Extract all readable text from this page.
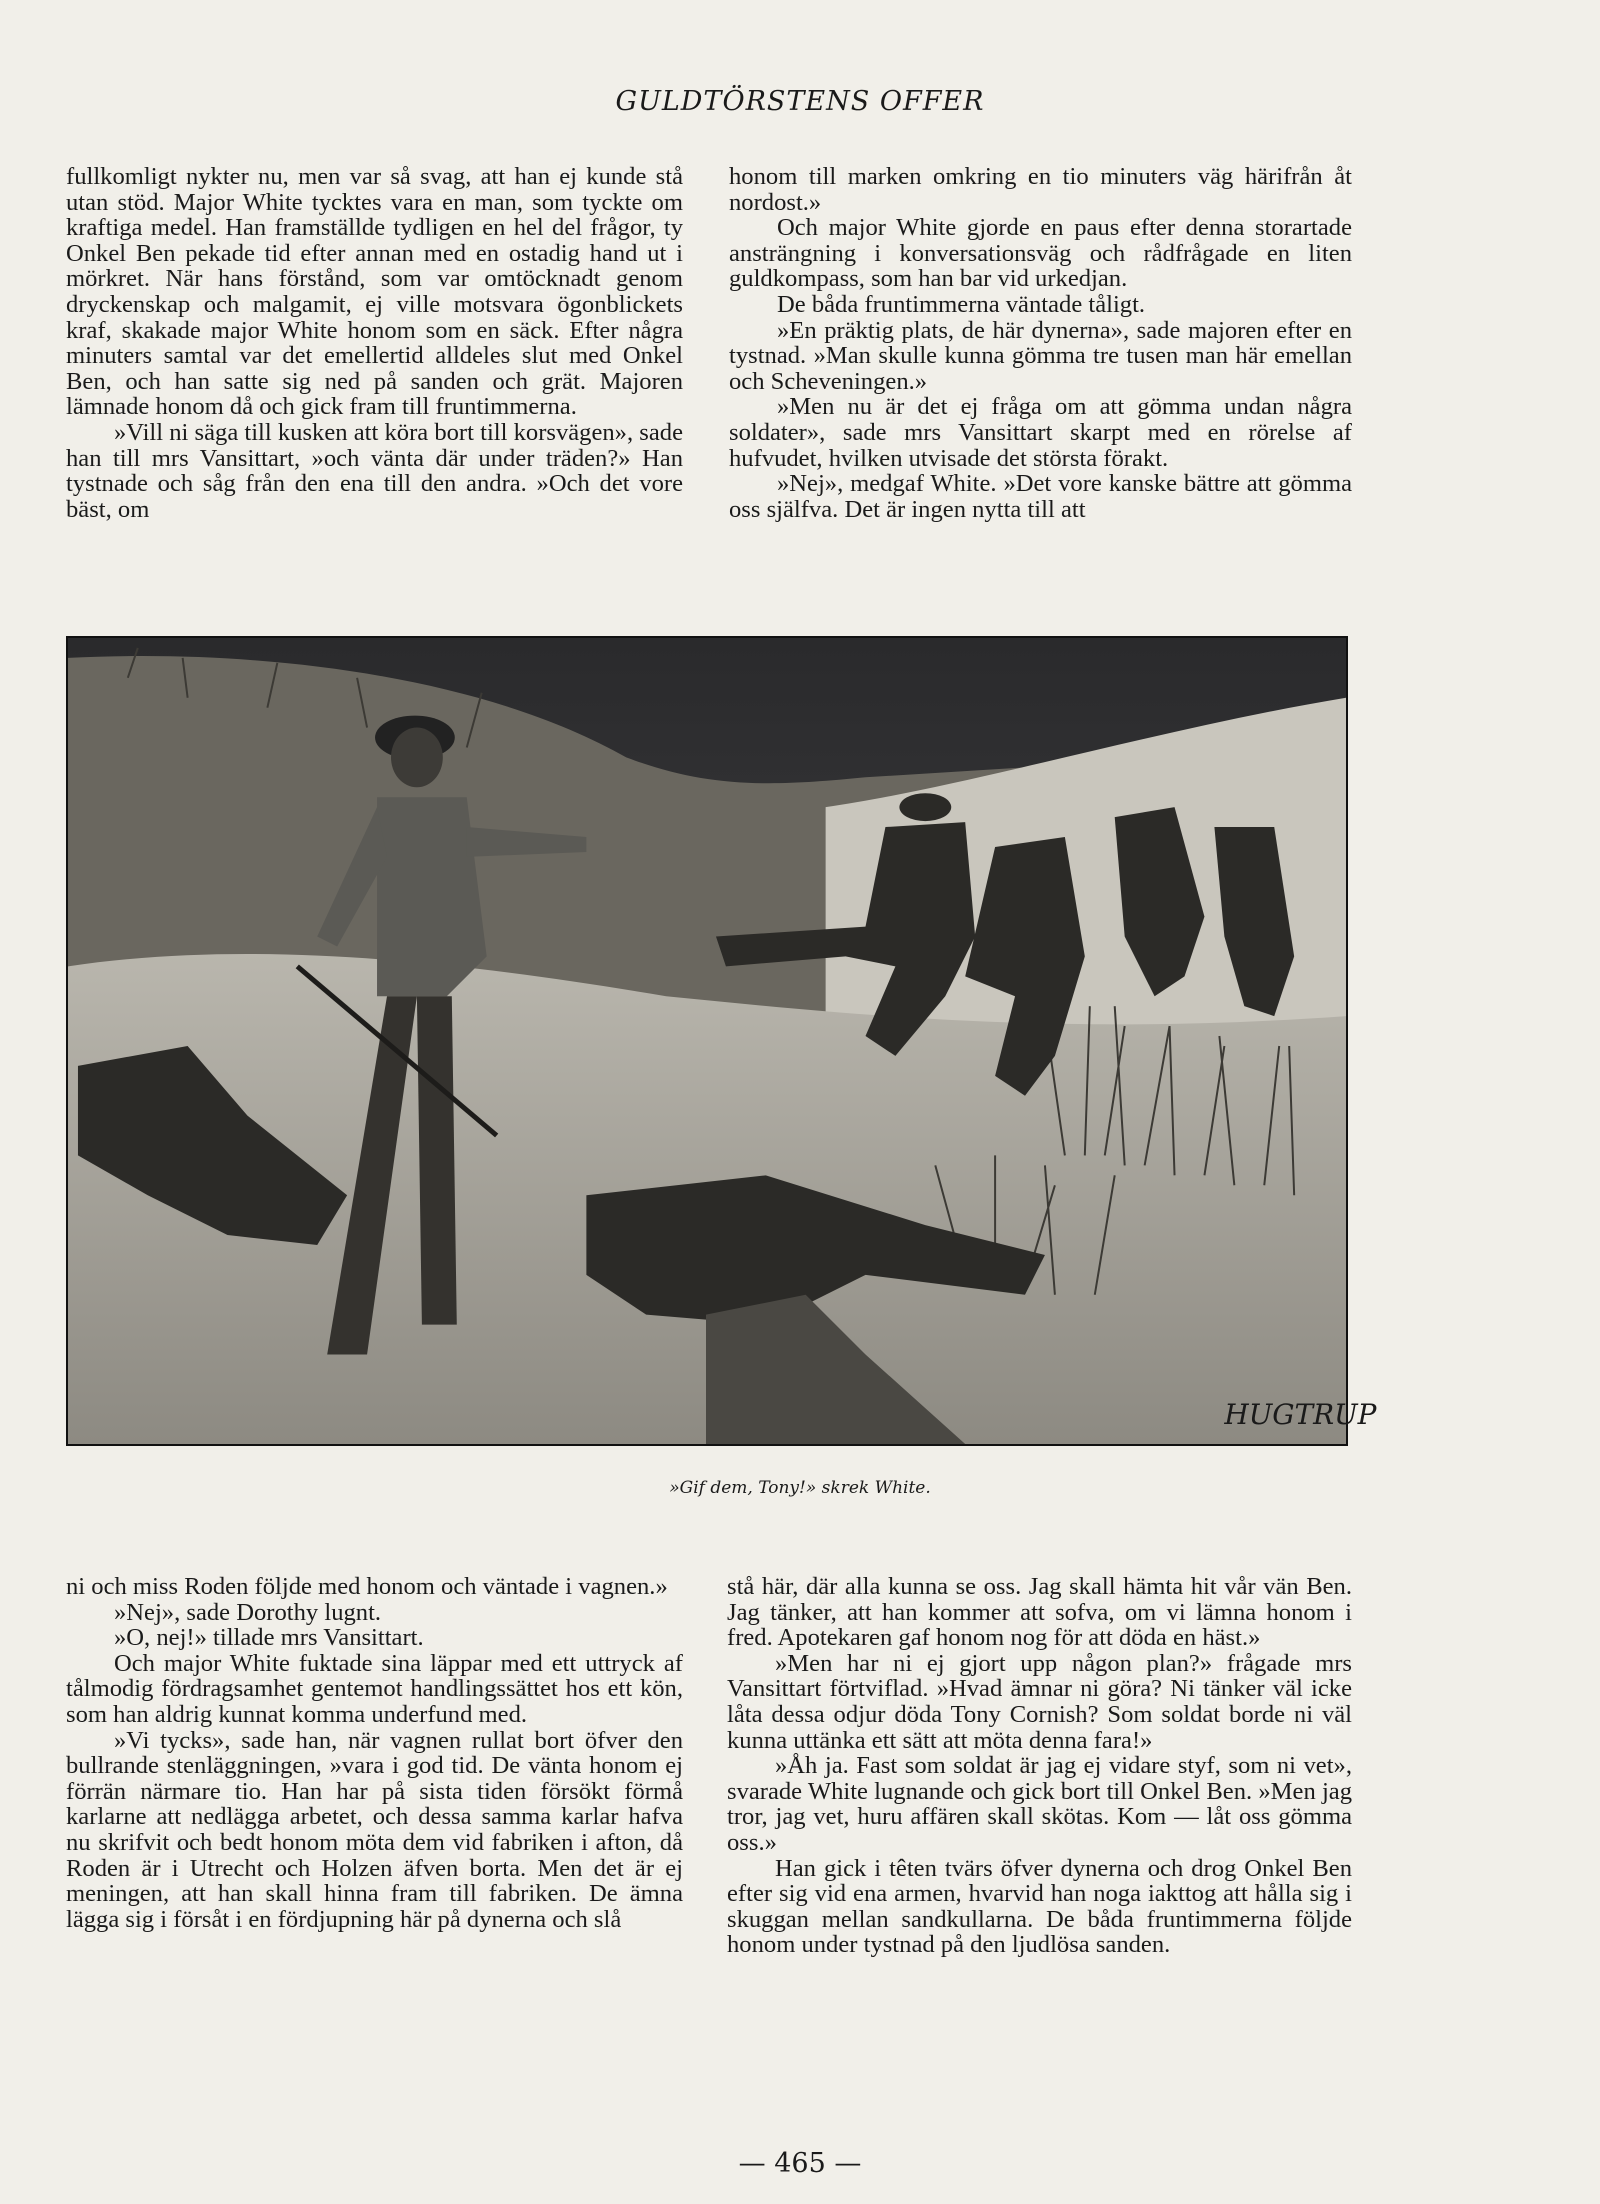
GULDTÖRSTENS OFFER

fullkomligt nykter nu, men var så svag, att han ej kunde stå utan stöd. Major White tycktes vara en man, som tyckte om kraftiga medel. Han framställde tydligen en hel del frågor, ty Onkel Ben pekade tid efter annan med en ostadig hand ut i mörkret. När hans förstånd, som var omtöcknadt genom dryckenskap och malgamit, ej ville motsvara ögonblickets kraf, skakade major White honom som en säck. Efter några minuters samtal var det emellertid alldeles slut med Onkel Ben, och han satte sig ned på sanden och grät. Majoren lämnade honom då och gick fram till fruntimmerna.

»Vill ni säga till kusken att köra bort till korsvägen», sade han till mrs Vansittart, »och vänta där under träden?» Han tystnade och såg från den ena till den andra. »Och det vore bäst, om

honom till marken omkring en tio minuters väg härifrån åt nordost.»

Och major White gjorde en paus efter denna storartade ansträngning i konversationsväg och rådfrågade en liten guldkompass, som han bar vid urkedjan.

De båda fruntimmerna väntade tåligt.

»En präktig plats, de här dynerna», sade majoren efter en tystnad. »Man skulle kunna gömma tre tusen man här emellan och Scheveningen.»

»Men nu är det ej fråga om att gömma undan några soldater», sade mrs Vansittart skarpt med en rörelse af hufvudet, hvilken utvisade det största förakt.

»Nej», medgaf White. »Det vore kanske bättre att gömma oss själfva. Det är ingen nytta till att

HUGTRUP
»Gif dem, Tony!» skrek White.

ni och miss Roden följde med honom och väntade i vagnen.»

»Nej», sade Dorothy lugnt.

»O, nej!» tillade mrs Vansittart.

Och major White fuktade sina läppar med ett uttryck af tålmodig fördragsamhet gentemot handlingssättet hos ett kön, som han aldrig kunnat komma underfund med.

»Vi tycks», sade han, när vagnen rullat bort öfver den bullrande stenläggningen, »vara i god tid. De vänta honom ej förrän närmare tio. Han har på sista tiden försökt förmå karlarne att nedlägga arbetet, och dessa samma karlar hafva nu skrifvit och bedt honom möta dem vid fabriken i afton, då Roden är i Utrecht och Holzen äfven borta. Men det är ej meningen, att han skall hinna fram till fabriken. De ämna lägga sig i försåt i en fördjupning här på dynerna och slå

stå här, där alla kunna se oss. Jag skall hämta hit vår vän Ben. Jag tänker, att han kommer att sofva, om vi lämna honom i fred. Apotekaren gaf honom nog för att döda en häst.»

»Men har ni ej gjort upp någon plan?» frågade mrs Vansittart förtviflad. »Hvad ämnar ni göra? Ni tänker väl icke låta dessa odjur döda Tony Cornish? Som soldat borde ni väl kunna uttänka ett sätt att möta denna fara!»

»Åh ja. Fast som soldat är jag ej vidare styf, som ni vet», svarade White lugnande och gick bort till Onkel Ben. »Men jag tror, jag vet, huru affären skall skötas. Kom — låt oss gömma oss.»

Han gick i têten tvärs öfver dynerna och drog Onkel Ben efter sig vid ena armen, hvarvid han noga iakttog att hålla sig i skuggan mellan sandkullarna. De båda fruntimmerna följde honom under tystnad på den ljudlösa sanden.

— 465 —
